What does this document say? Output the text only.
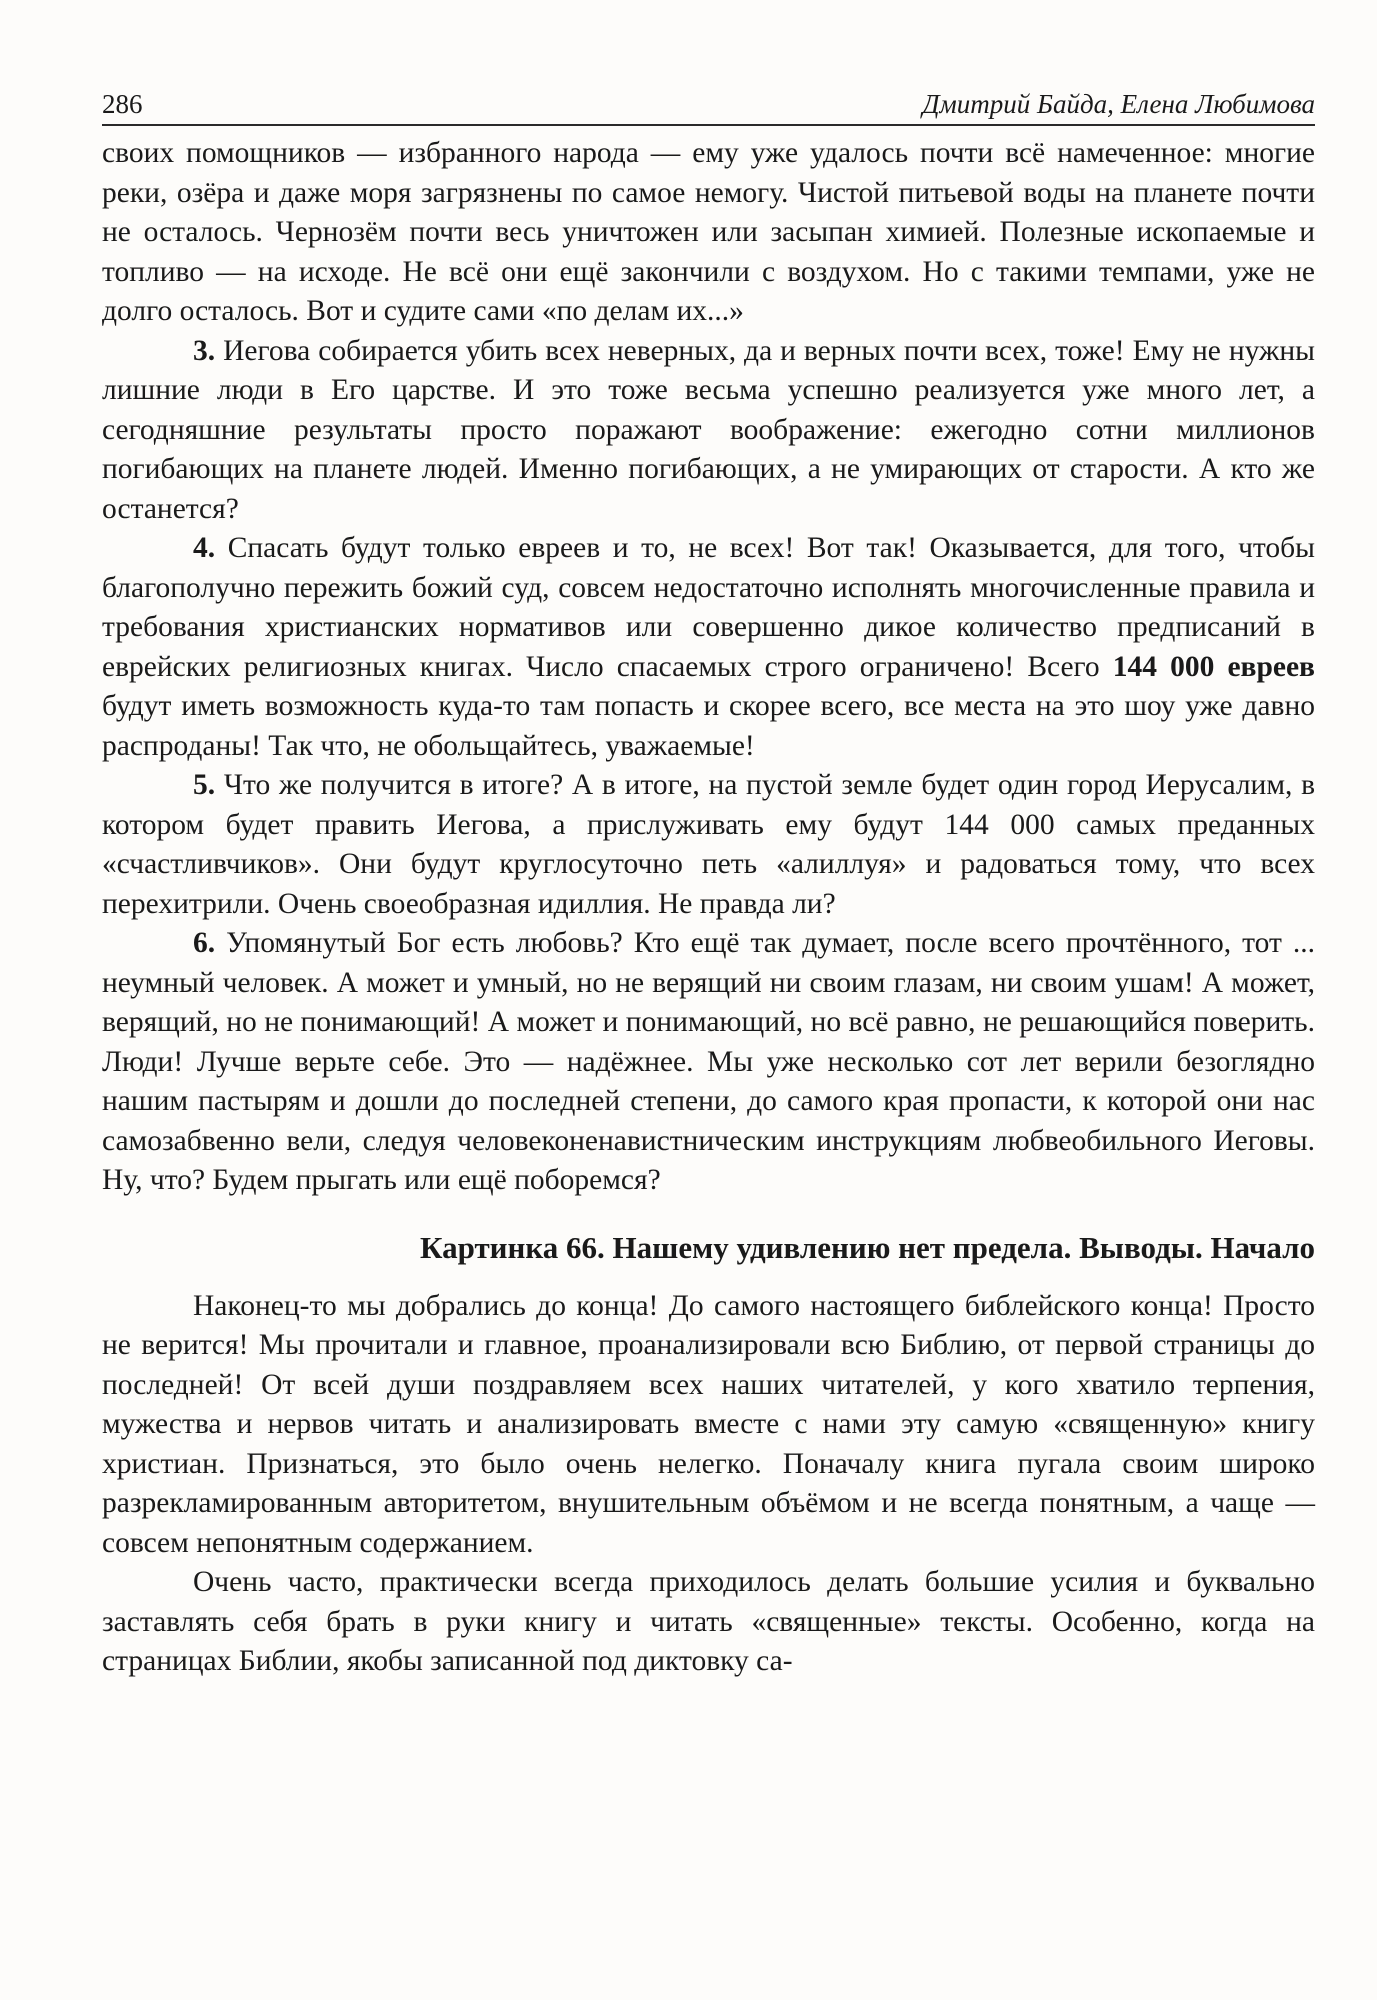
286	Дмитрий Байда, Елена Любимова

своих помощников — избранного народа — ему уже удалось почти всё намеченное: многие реки, озёра и даже моря загрязнены по самое немогу. Чистой питьевой воды на планете почти не осталось. Чернозём почти весь уничтожен или засыпан химией. Полезные ископаемые и топливо — на исходе. Не всё они ещё закончили с воздухом. Но с такими темпами, уже не долго осталось. Вот и судите сами «по делам их...»

3. Иегова собирается убить всех неверных, да и верных почти всех, тоже! Ему не нужны лишние люди в Его царстве. И это тоже весьма успешно реализуется уже много лет, а сегодняшние результаты просто поражают воображение: ежегодно сотни миллионов погибающих на планете людей. Именно погибающих, а не умирающих от старости. А кто же останется?

4. Спасать будут только евреев и то, не всех! Вот так! Оказывается, для того, чтобы благополучно пережить божий суд, совсем недостаточно исполнять многочисленные правила и требования христианских нормативов или совершенно дикое количество предписаний в еврейских религиозных книгах. Число спасаемых строго ограничено! Всего 144 000 евреев будут иметь возможность куда-то там попасть и скорее всего, все места на это шоу уже давно распроданы! Так что, не обольщайтесь, уважаемые!

5. Что же получится в итоге? А в итоге, на пустой земле будет один город Иерусалим, в котором будет править Иегова, а прислуживать ему будут 144 000 самых преданных «счастливчиков». Они будут круглосуточно петь «алиллуя» и радоваться тому, что всех перехитрили. Очень своеобразная идиллия. Не правда ли?

6. Упомянутый Бог есть любовь? Кто ещё так думает, после всего прочтённого, тот ... неумный человек. А может и умный, но не верящий ни своим глазам, ни своим ушам! А может, верящий, но не понимающий! А может и понимающий, но всё равно, не решающийся поверить. Люди! Лучше верьте себе. Это — надёжнее. Мы уже несколько сот лет верили безоглядно нашим пастырям и дошли до последней степени, до самого края пропасти, к которой они нас самозабвенно вели, следуя человеконенавистническим инструкциям любвеобильного Иеговы. Ну, что? Будем прыгать или ещё поборемся?

Картинка 66. Нашему удивлению нет предела. Выводы. Начало

Наконец-то мы добрались до конца! До самого настоящего библейского конца! Просто не верится! Мы прочитали и главное, проанализировали всю Библию, от первой страницы до последней! От всей души поздравляем всех наших читателей, у кого хватило терпения, мужества и нервов читать и анализировать вместе с нами эту самую «священную» книгу христиан. Признаться, это было очень нелегко. Поначалу книга пугала своим широко разрекламированным авторитетом, внушительным объёмом и не всегда понятным, а чаще — совсем непонятным содержанием.

Очень часто, практически всегда приходилось делать большие усилия и буквально заставлять себя брать в руки книгу и читать «священные» тексты. Особенно, когда на страницах Библии, якобы записанной под диктовку са-
